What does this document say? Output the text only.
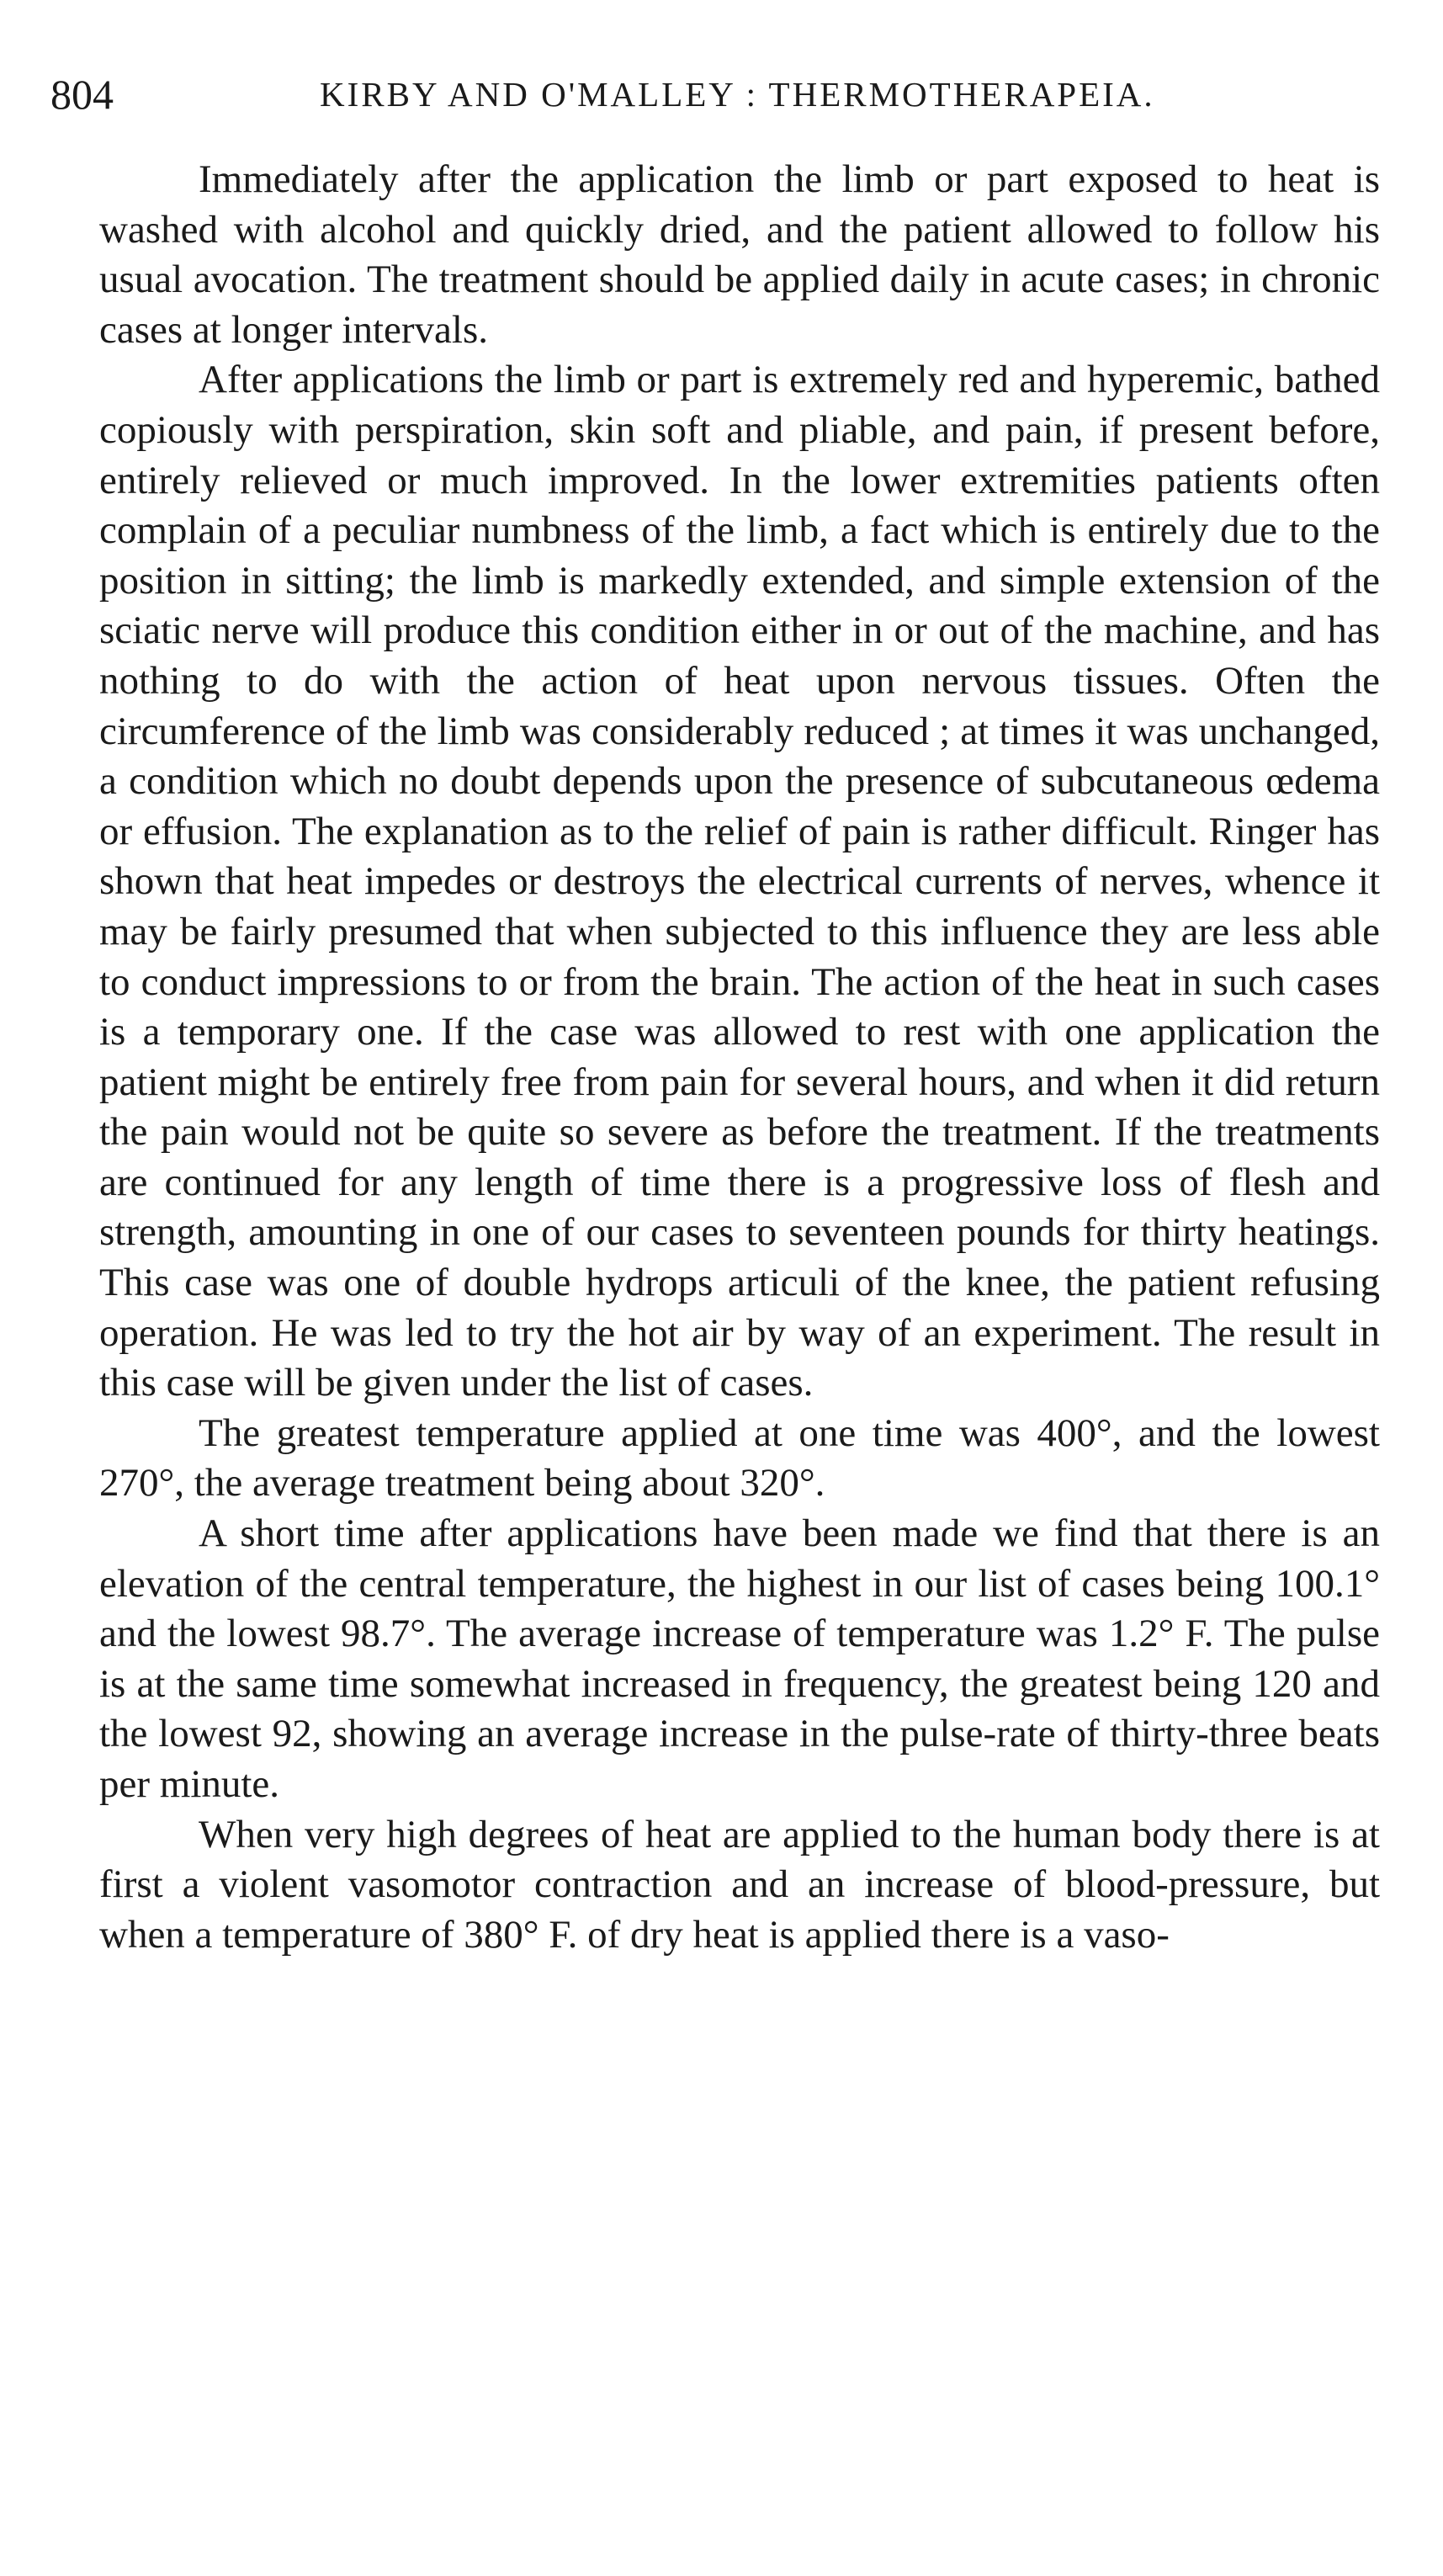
804	KIRBY AND O'MALLEY : THERMOTHERAPEIA.

Immediately after the application the limb or part exposed to heat is washed with alcohol and quickly dried, and the patient allowed to follow his usual avocation. The treatment should be applied daily in acute cases; in chronic cases at longer intervals.

After applications the limb or part is extremely red and hyperemic, bathed copiously with perspiration, skin soft and pliable, and pain, if present before, entirely relieved or much improved. In the lower extremities patients often complain of a peculiar numbness of the limb, a fact which is entirely due to the position in sitting; the limb is markedly extended, and simple extension of the sciatic nerve will produce this condition either in or out of the machine, and has nothing to do with the action of heat upon nervous tissues. Often the circumference of the limb was considerably reduced ; at times it was unchanged, a condition which no doubt depends upon the presence of subcutaneous œdema or effusion. The explanation as to the relief of pain is rather difficult. Ringer has shown that heat impedes or destroys the electrical currents of nerves, whence it may be fairly presumed that when subjected to this influence they are less able to conduct impressions to or from the brain. The action of the heat in such cases is a temporary one. If the case was allowed to rest with one application the patient might be entirely free from pain for several hours, and when it did return the pain would not be quite so severe as before the treatment. If the treatments are continued for any length of time there is a progressive loss of flesh and strength, amounting in one of our cases to seventeen pounds for thirty heatings. This case was one of double hydrops articuli of the knee, the patient refusing operation. He was led to try the hot air by way of an experiment. The result in this case will be given under the list of cases.

The greatest temperature applied at one time was 400°, and the lowest 270°, the average treatment being about 320°.

A short time after applications have been made we find that there is an elevation of the central temperature, the highest in our list of cases being 100.1° and the lowest 98.7°. The average increase of temperature was 1.2° F. The pulse is at the same time somewhat increased in frequency, the greatest being 120 and the lowest 92, showing an average increase in the pulse-rate of thirty-three beats per minute.

When very high degrees of heat are applied to the human body there is at first a violent vasomotor contraction and an increase of blood-pressure, but when a temperature of 380° F. of dry heat is applied there is a vaso-
